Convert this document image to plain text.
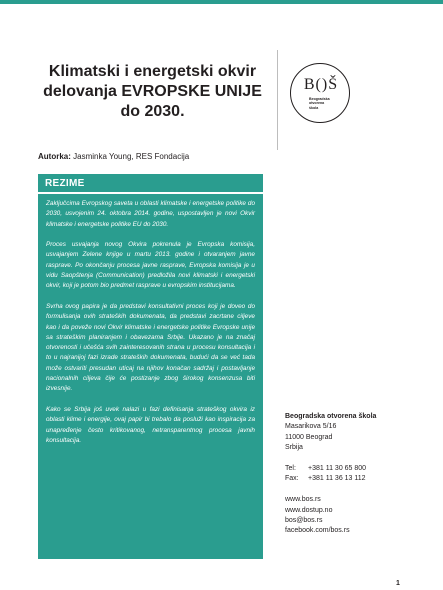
Klimatski i energetski okvir
delovanja EVROPSKE UNIJE
do 2030.
B()Š
Beogradska
otvorena
škola
Autorka: Jasminka Young, RES Fondacija
REZIME

Zaključcima Evropskog saveta u oblasti klimatske i energetske politike do 2030, usvojenim 24. oktobra 2014. godine, uspostavljen je novi Okvir klimatske i energetske politike EU do 2030.

Proces usvajanja novog Okvira pokrenula je Evropska komisija, usvajanjem Zelene knjige u martu 2013. godine i otvaranjem javne rasprave. Po okončanju procesa javne rasprave, Evropska komisija je u vidu Saopštenja (Communication) predložila novi klimatski i energetski okvir, koji je potom bio predmet rasprave u evropskim institucijama.

Svrha ovog papira je da predstavi konsultativni proces koji je doveo do formulisanja ovih strateških dokumenata, da predstavi zacrtane ciljeve kao i da poveže novi Okvir klimatske i energetske politike Evropske unije sa strateškim planiranjem i obavezama Srbije. Ukazano je na značaj otvorenosti i učešća svih zainteresovanih strana u procesu konsultacija i to u najranijoj fazi izrade strateških dokumenata, budući da se već tada može ostvariti presudan uticaj na njihov konačan sadržaj i postavljanje nacionalnih ciljeva čije će postizanje zbog širokog konsenzusa biti izvesnije.

Kako se Srbija još uvek nalazi u fazi definisanja strateškog okvira iz oblasti klime i energije, ovaj papir bi trebalo da posluži kao inspiracija za unapređenje često kritikovanog, netransparentnog procesa javnih konsultacija.

Beogradska otvorena škola
Masarikova 5/16
11000 Beograd
Srbija
Tel:	+381 11 30 65 800
Fax:	+381 11 36 13 112
www.bos.rs
www.dostup.no
bos@bos.rs
facebook.com/bos.rs
1
